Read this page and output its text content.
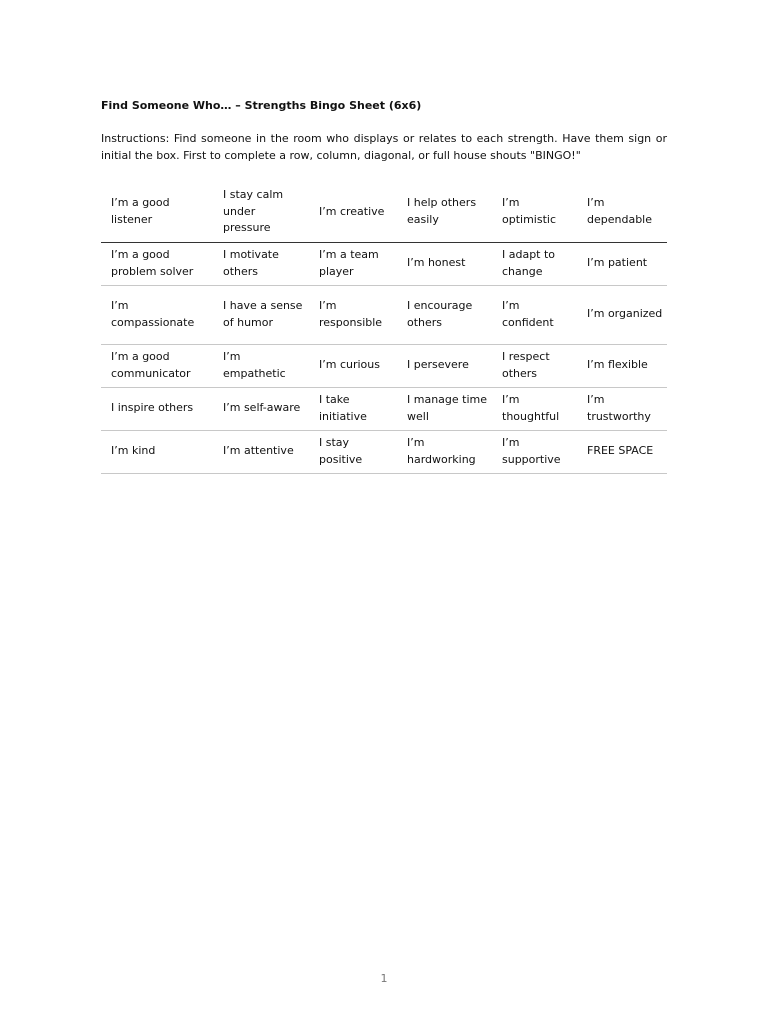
Find Someone Who… – Strengths Bingo Sheet (6x6)
Instructions: Find someone in the room who displays or relates to each strength. Have them sign or initial the box. First to complete a row, column, diagonal, or full house shouts "BINGO!"
I’m a good listener	I stay calm under pressure	I’m creative	I help others easily	I’m optimistic	I’m dependable
I’m a good problem solver	I motivate others	I’m a team player	I’m honest	I adapt to change	I’m patient
I’m compassionate	I have a sense of humor	I’m responsible	I encourage others	I’m confident	I’m organized
I’m a good communicator	I’m empathetic	I’m curious	I persevere	I respect others	I’m flexible
I inspire others	I’m self-aware	I take initiative	I manage time well	I’m thoughtful	I’m trustworthy
I’m kind	I’m attentive	I stay positive	I’m hardworking	I’m supportive	FREE SPACE
1
